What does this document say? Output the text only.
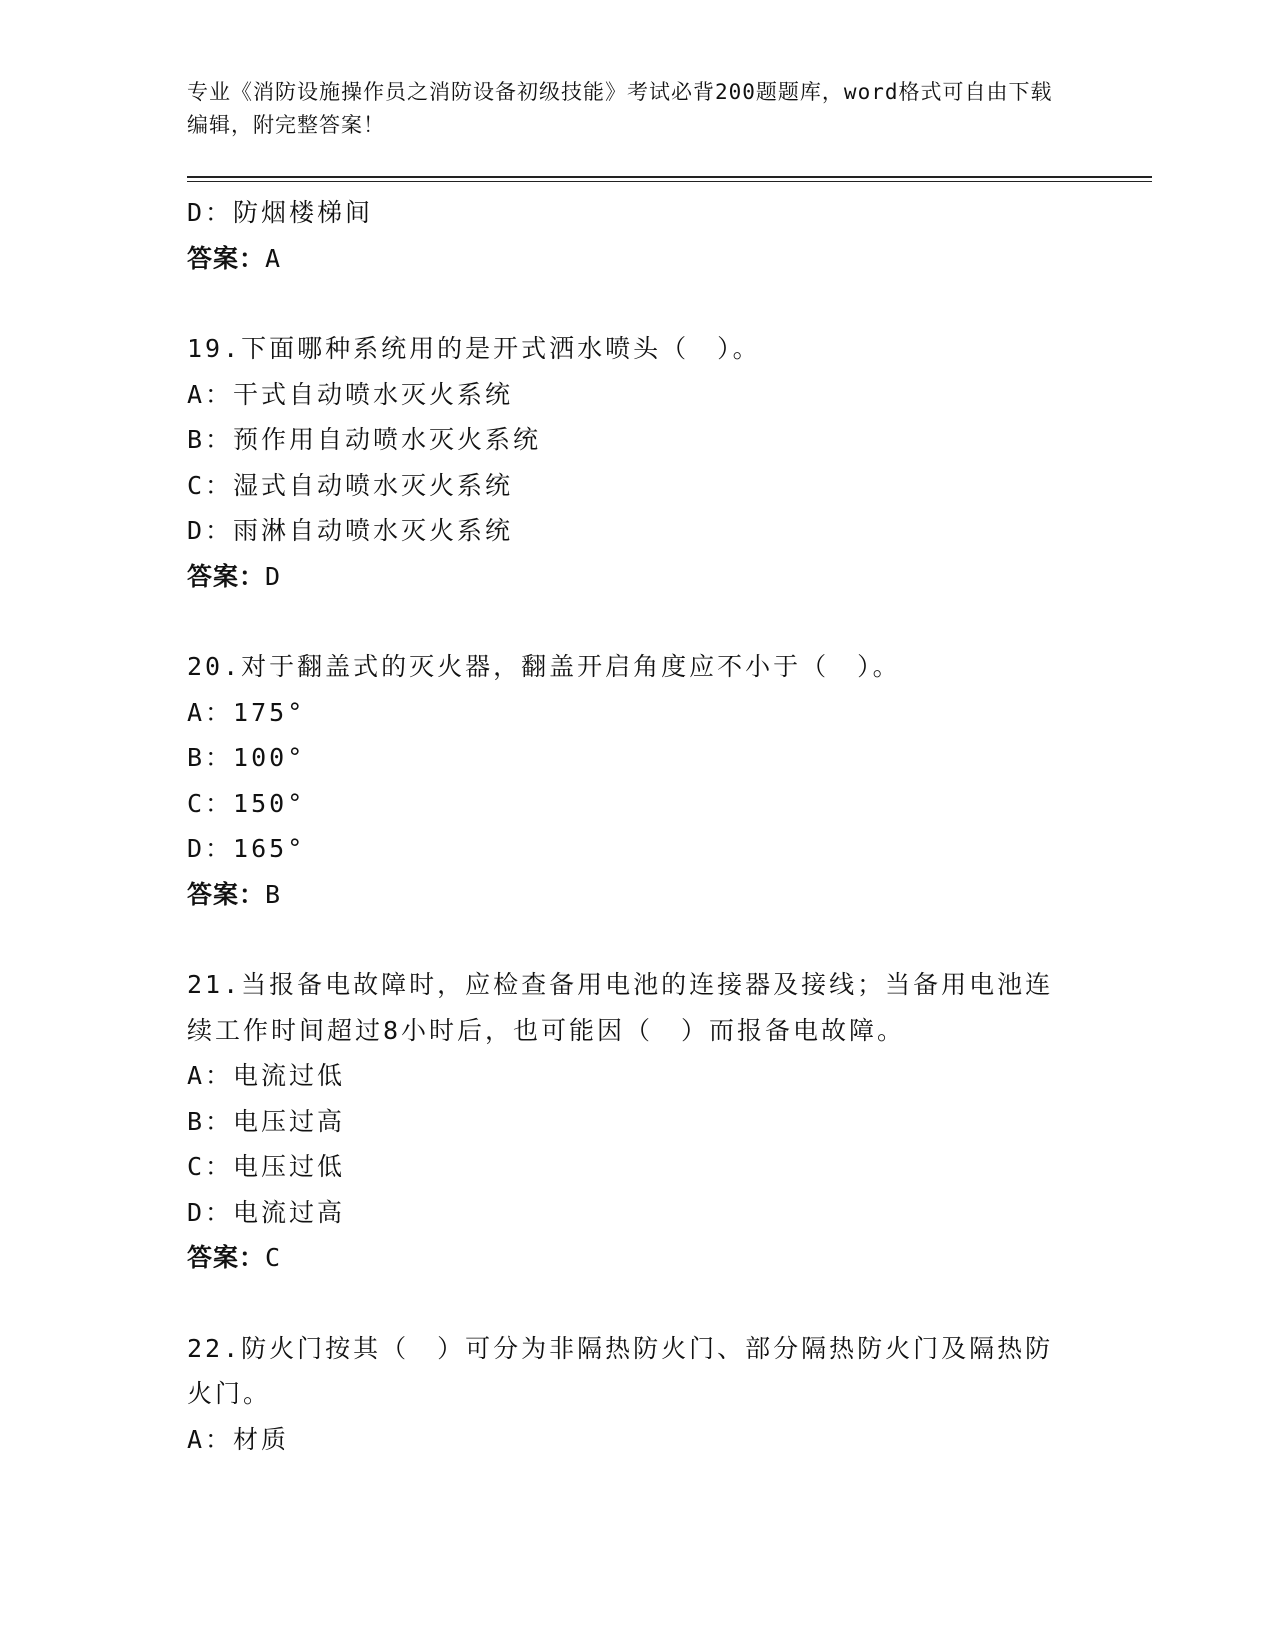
专业《消防设施操作员之消防设备初级技能》考试必背200题题库，word格式可自由下载编辑，附完整答案！
D：防烟楼梯间
答案：A
19.下面哪种系统用的是开式洒水喷头（　）。
A：干式自动喷水灭火系统
B：预作用自动喷水灭火系统
C：湿式自动喷水灭火系统
D：雨淋自动喷水灭火系统
答案：D
20.对于翻盖式的灭火器，翻盖开启角度应不小于（　）。
A：175°
B：100°
C：150°
D：165°
答案：B
21.当报备电故障时，应检查备用电池的连接器及接线；当备用电池连续工作时间超过8小时后，也可能因（　）而报备电故障。
A：电流过低
B：电压过高
C：电压过低
D：电流过高
答案：C
22.防火门按其（　）可分为非隔热防火门、部分隔热防火门及隔热防火门。
A：材质
